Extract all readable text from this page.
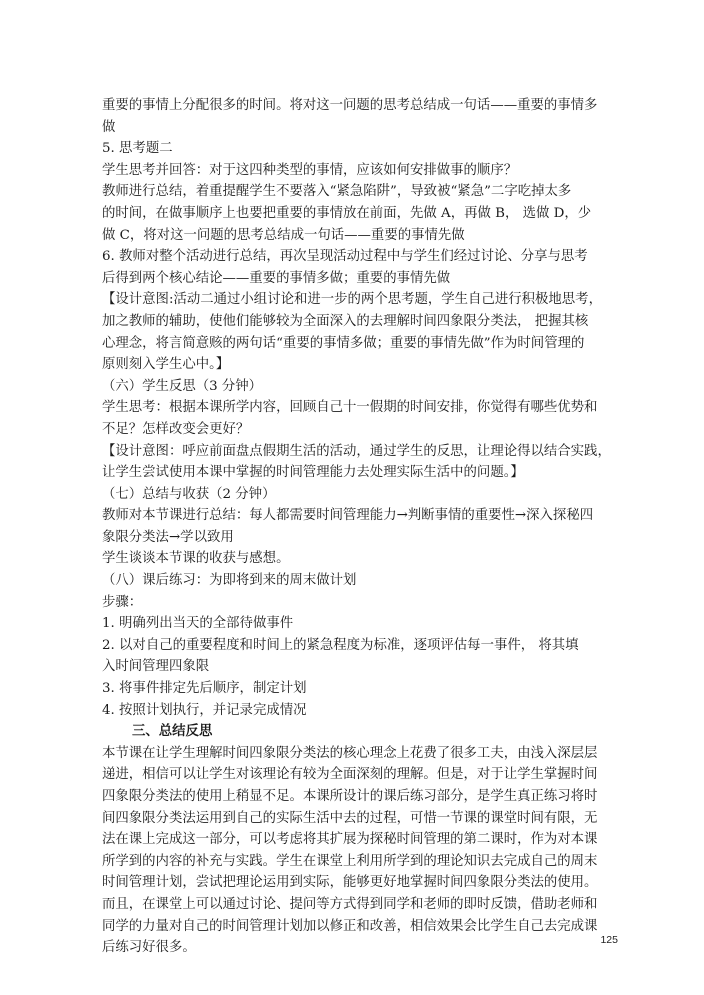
重要的事情上分配很多的时间。将对这一问题的思考总结成一句话——重要的事情多
做
5. 思考题二
学生思考并回答：对于这四种类型的事情，应该如何安排做事的顺序？
教师进行总结，着重提醒学生不要落入“紧急陷阱”，导致被“紧急”二字吃掉太多
的时间，在做事顺序上也要把重要的事情放在前面，先做 A，再做 B， 选做 D，少
做 C，将对这一问题的思考总结成一句话——重要的事情先做
6. 教师对整个活动进行总结，再次呈现活动过程中与学生们经过讨论、分享与思考
后得到两个核心结论——重要的事情多做；重要的事情先做
【设计意图:活动二通过小组讨论和进一步的两个思考题，学生自己进行积极地思考，
加之教师的辅助，使他们能够较为全面深入的去理解时间四象限分类法， 把握其核
心理念，将言简意赅的两句话“重要的事情多做；重要的事情先做”作为时间管理的
原则刻入学生心中。】
（六）学生反思（3 分钟）
学生思考：根据本课所学内容，回顾自己十一假期的时间安排，你觉得有哪些优势和
不足？怎样改变会更好？
【设计意图：呼应前面盘点假期生活的活动，通过学生的反思，让理论得以结合实践，
让学生尝试使用本课中掌握的时间管理能力去处理实际生活中的问题。】
（七）总结与收获（2 分钟）
教师对本节课进行总结：每人都需要时间管理能力→判断事情的重要性→深入探秘四
象限分类法→学以致用
学生谈谈本节课的收获与感想。
（八）课后练习：为即将到来的周末做计划
步骤：
1. 明确列出当天的全部待做事件
2. 以对自己的重要程度和时间上的紧急程度为标准，逐项评估每一事件， 将其填
入时间管理四象限
3. 将事件排定先后顺序，制定计划
4. 按照计划执行，并记录完成情况
三、总结反思
本节课在让学生理解时间四象限分类法的核心理念上花费了很多工夫，由浅入深层层
递进，相信可以让学生对该理论有较为全面深刻的理解。但是，对于让学生掌握时间
四象限分类法的使用上稍显不足。本课所设计的课后练习部分，是学生真正练习将时
间四象限分类法运用到自己的实际生活中去的过程，可惜一节课的课堂时间有限，无
法在课上完成这一部分，可以考虑将其扩展为探秘时间管理的第二课时，作为对本课
所学到的内容的补充与实践。学生在课堂上利用所学到的理论知识去完成自己的周末
时间管理计划，尝试把理论运用到实际，能够更好地掌握时间四象限分类法的使用。
而且，在课堂上可以通过讨论、提问等方式得到同学和老师的即时反馈，借助老师和
同学的力量对自己的时间管理计划加以修正和改善，相信效果会比学生自己去完成课
后练习好很多。
125
